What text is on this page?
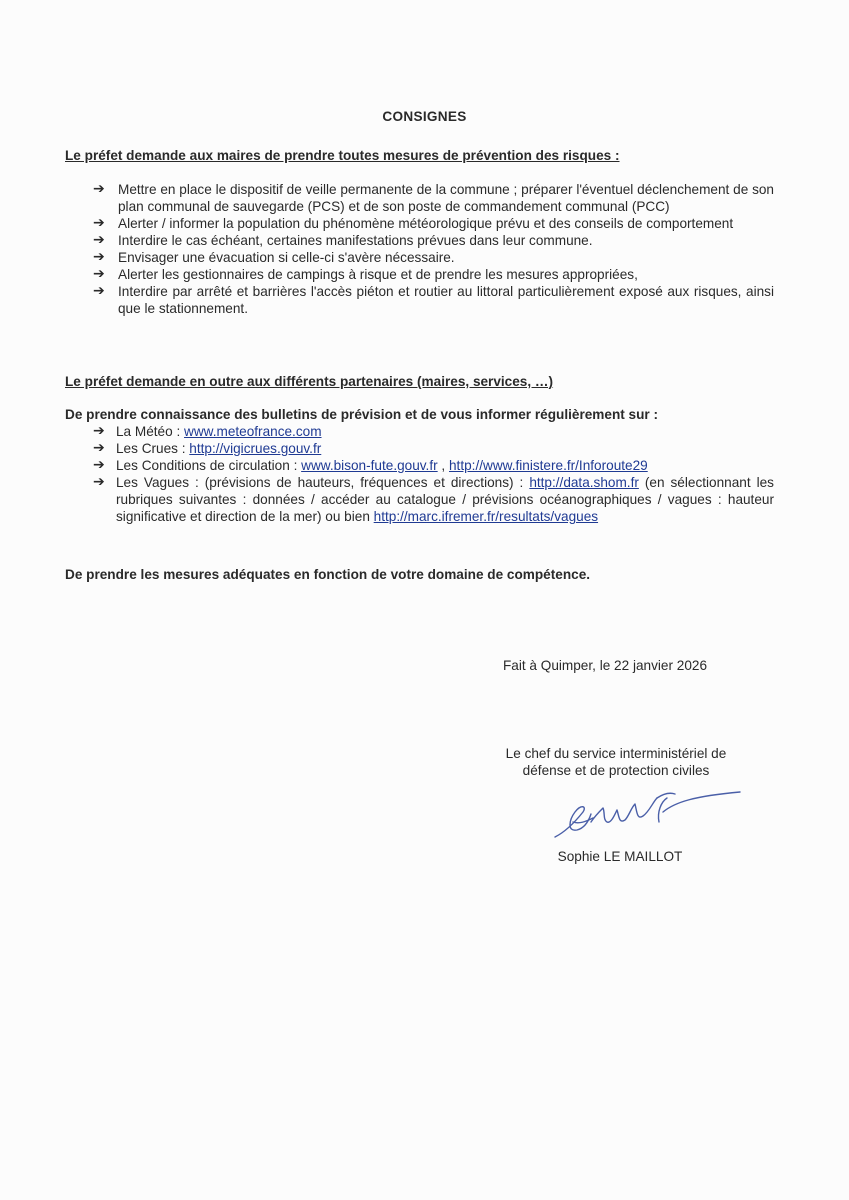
CONSIGNES
Le préfet demande aux maires de prendre toutes mesures de prévention des risques :
➔ Mettre en place le dispositif de veille permanente de la commune ; préparer l'éventuel déclenchement de son plan communal de sauvegarde (PCS) et de son poste de commandement communal (PCC)
➔ Alerter / informer la population du phénomène météorologique prévu et des conseils de comportement
➔ Interdire le cas échéant, certaines manifestations prévues dans leur commune.
➔ Envisager une évacuation si celle-ci s'avère nécessaire.
➔ Alerter les gestionnaires de campings à risque et de prendre les mesures appropriées,
➔ Interdire par arrêté et barrières l'accès piéton et routier au littoral particulièrement exposé aux risques, ainsi que le stationnement.
Le préfet demande en outre aux différents partenaires (maires, services, …)
De prendre connaissance des bulletins de prévision et de vous informer régulièrement sur :
➔ La Météo : www.meteofrance.com
➔ Les Crues : http://vigicrues.gouv.fr
➔ Les Conditions de circulation : www.bison-fute.gouv.fr , http://www.finistere.fr/Inforoute29
➔ Les Vagues : (prévisions de hauteurs, fréquences et directions) : http://data.shom.fr (en sélectionnant les rubriques suivantes : données / accéder au catalogue / prévisions océanographiques / vagues : hauteur significative et direction de la mer) ou bien http://marc.ifremer.fr/resultats/vagues
De prendre les mesures adéquates en fonction de votre domaine de compétence.
Fait à Quimper, le 22 janvier 2026
Le chef du service interministériel de
défense et de protection civiles
Sophie LE MAILLOT
